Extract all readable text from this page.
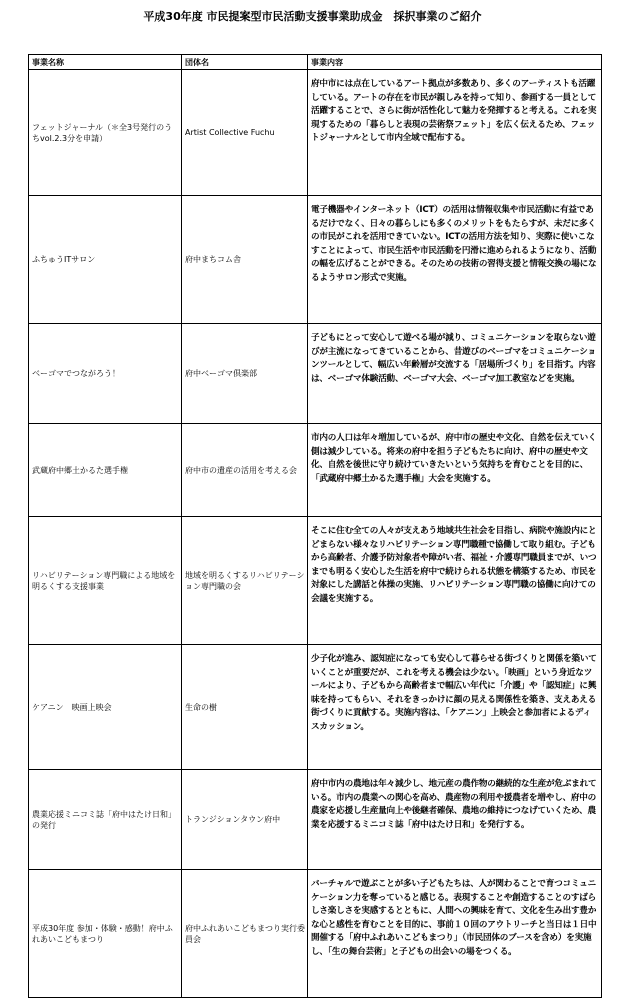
平成30年度 市民提案型市民活動支援事業助成金　採択事業のご紹介
事業名称	団体名	事業内容
フェットジャーナル（＊全3号発行のうちvol.2.3分を申請）	Artist Collective Fuchu	府中市には点在しているアート拠点が多数あり、多くのアーティストも活躍している。アートの存在を市民が親しみを持って知り、参画する一員として活躍することで、さらに街が活性化して魅力を発揮すると考える。これを実現するための「暮らしと表現の芸術祭フェット」を広く伝えるため、フェットジャーナルとして市内全域で配布する。
ふちゅうITサロン	府中まちコム舎	電子機器やインターネット（ICT）の活用は情報収集や市民活動に有益であるだけでなく、日々の暮らしにも多くのメリットをもたらすが、未だに多くの市民がこれを活用できていない。ICTの活用方法を知り、実際に使いこなすことによって、市民生活や市民活動を円滑に進められるようになり、活動の幅を広げることができる。そのための技術の習得支援と情報交換の場になるようサロン形式で実施。
ベーゴマでつながろう！	府中ベーゴマ倶楽部	子どもにとって安心して遊べる場が減り、コミュニケーションを取らない遊びが主流になってきていることから、昔遊びのベーゴマをコミュニケーションツールとして、幅広い年齢層が交流する「居場所づくり」を目指す。内容は、ベーゴマ体験活動、ベーゴマ大会、ベーゴマ加工教室などを実施。
武蔵府中郷土かるた選手権	府中市の遺産の活用を考える会	市内の人口は年々増加しているが、府中市の歴史や文化、自然を伝えていく側は減少している。将来の府中を担う子どもたちに向け、府中の歴史や文化、自然を後世に守り続けていきたいという気持ちを育むことを目的に、「武蔵府中郷土かるた選手権」大会を実施する。
リハビリテーション専門職による地域を明るくする支援事業	地域を明るくするリハビリテーション専門職の会	そこに住む全ての人々が支えあう地域共生社会を目指し、病院や施設内にとどまらない様々なリハビリテーション専門職種で協働して取り組む。子どもから高齢者、介護予防対象者や障がい者、福祉・介護専門職員までが、いつまでも明るく安心した生活を府中で続けられる状態を構築するため、市民を対象にした講話と体操の実施、リハビリテーション専門職の協働に向けての会議を実施する。
ケアニン　映画上映会	生命の樹	少子化が進み、認知症になっても安心して暮らせる街づくりと関係を築いていくことが重要だが、これを考える機会は少ない。「映画」という身近なツールにより、子どもから高齢者まで幅広い年代に「介護」や「認知症」に興味を持ってもらい、それをきっかけに顔の見える関係性を築き、支えあえる街づくりに貢献する。実施内容は、「ケアニン」上映会と参加者によるディスカッション。
農業応援ミニコミ誌「府中はたけ日和」の発行	トランジションタウン府中	府中市内の農地は年々減少し、地元産の農作物の継続的な生産が危ぶまれている。市内の農業への関心を高め、農産物の利用や援農者を増やし、府中の農家を応援し生産量向上や後継者確保、農地の維持につなげていくため、農業を応援するミニコミ誌「府中はたけ日和」を発行する。
平成30年度 参加・体験・感動！府中ふれあいこどもまつり	府中ふれあいこどもまつり実行委員会	バーチャルで遊ぶことが多い子どもたちは、人が関わることで育つコミュニケーション力を奪っていると感じる。表現することや創造することのすばらしさ楽しさを実感するとともに、人間への興味を育て、文化を生み出す豊かな心と感性を育むことを目的に、事前１０回のアウトリーチと当日は１日中開催する「府中ふれあいこどもまつり」（市民団体のブースを含め）を実施し、「生の舞台芸術」と子どもの出会いの場をつくる。
